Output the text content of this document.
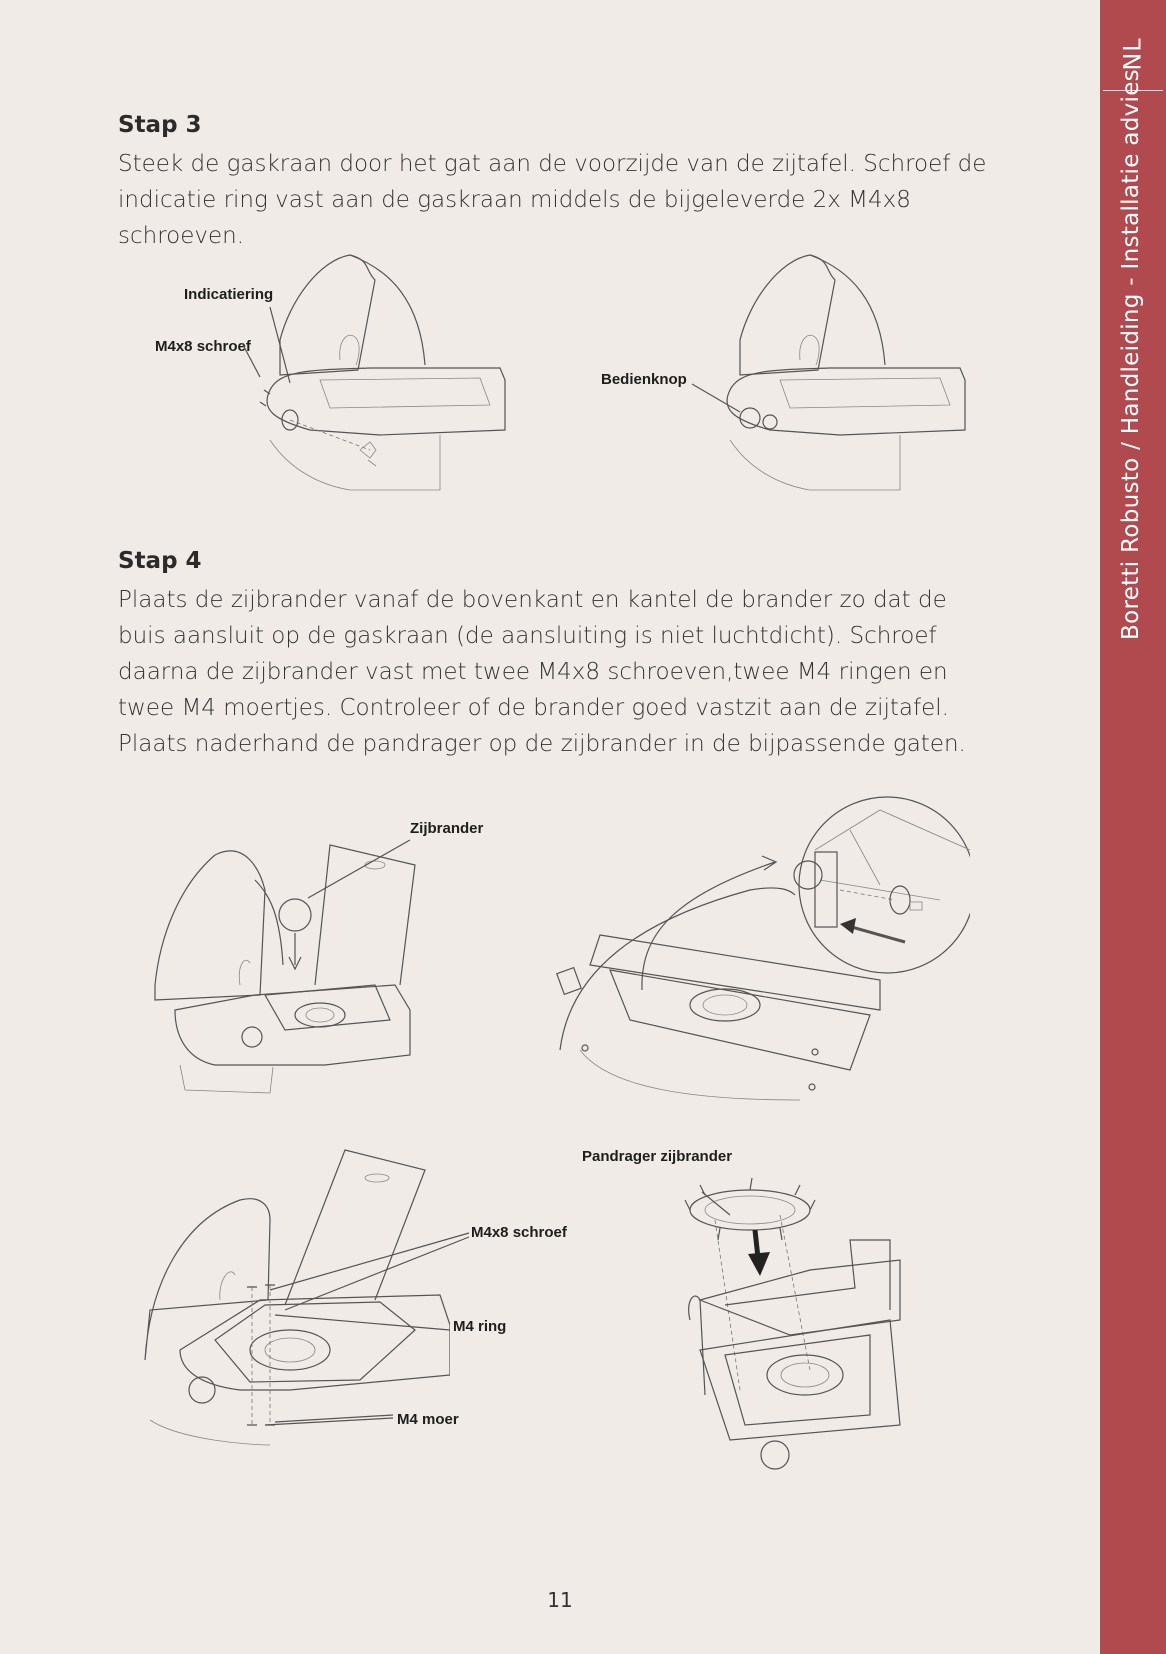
NL
Boretti Robusto / Handleiding - Installatie advies
Stap 3
Steek de gaskraan door het gat aan de voorzijde van de zijtafel. Schroef de indicatie ring vast aan de gaskraan middels de bijgeleverde 2x M4x8 schroeven.
Indicatiering
M4x8 schroef
Bedienknop
Stap 4
Plaats de zijbrander vanaf de bovenkant en kantel de brander zo dat de buis aansluit op de gaskraan (de aansluiting is niet luchtdicht). Schroef daarna de zijbrander vast met twee M4x8 schroeven,twee M4 ringen en twee M4 moertjes. Controleer of de brander goed vastzit aan de zijtafel. Plaats naderhand de pandrager op de zijbrander in de bijpassende gaten.
Zijbrander
M4x8 schroef
M4 ring
M4 moer
Pandrager zijbrander
11
